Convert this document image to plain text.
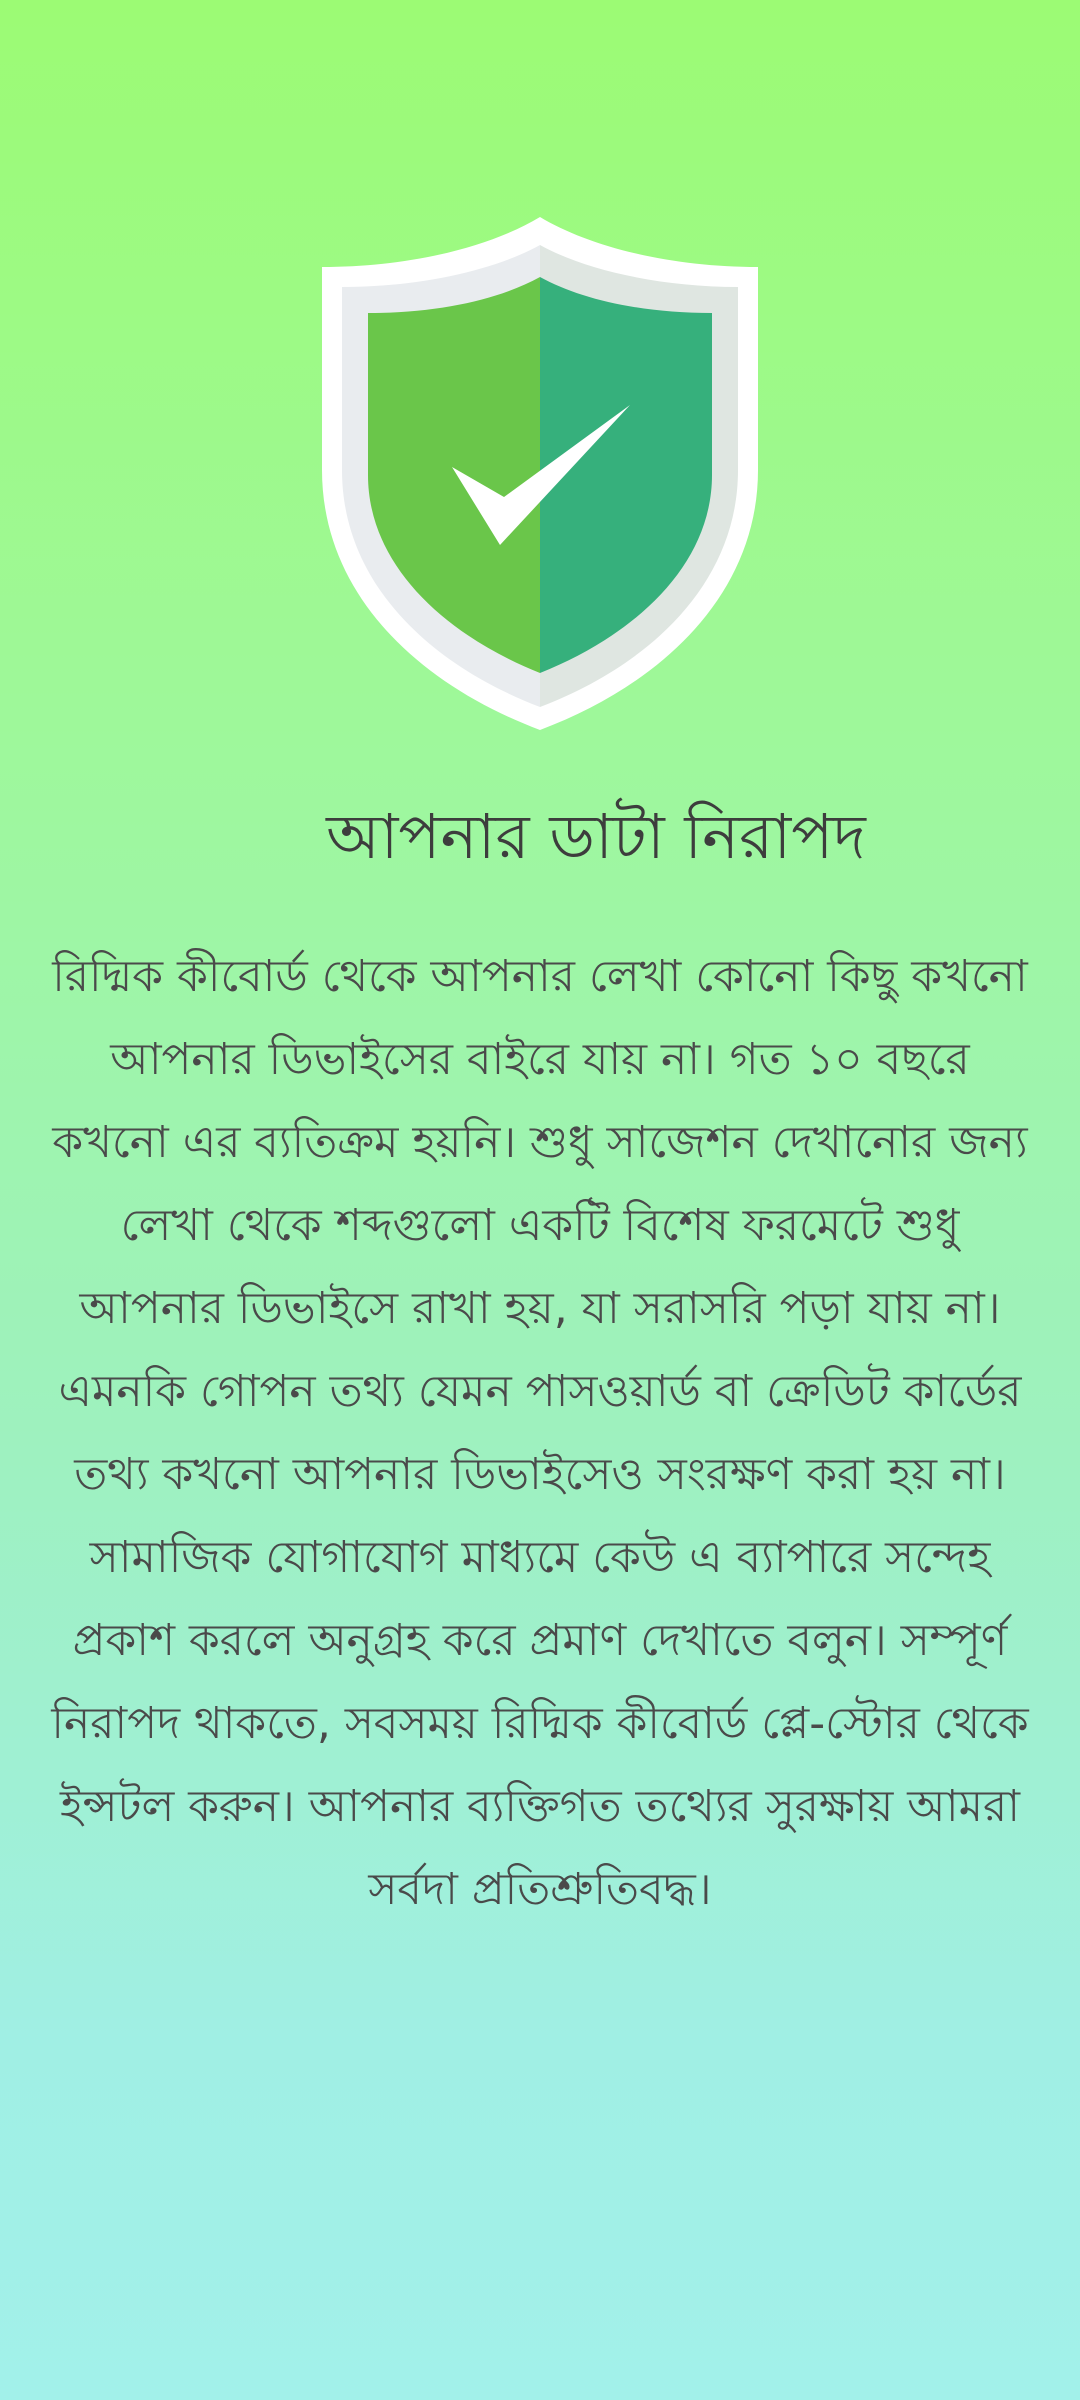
আপনার ডাটা নিরাপদ

রিদ্মিক কীবোর্ড থেকে আপনার লেখা কোনো কিছু কখনো আপনার ডিভাইসের বাইরে যায় না। গত ১০ বছরে কখনো এর ব্যতিক্রম হয়নি। শুধু সাজেশন দেখানোর জন্য লেখা থেকে শব্দগুলো একটি বিশেষ ফরমেটে শুধু আপনার ডিভাইসে রাখা হয়, যা সরাসরি পড়া যায় না। এমনকি গোপন তথ্য যেমন পাসওয়ার্ড বা ক্রেডিট কার্ডের তথ্য কখনো আপনার ডিভাইসেও সংরক্ষণ করা হয় না। সামাজিক যোগাযোগ মাধ্যমে কেউ এ ব্যাপারে সন্দেহ প্রকাশ করলে অনুগ্রহ করে প্রমাণ দেখাতে বলুন। সম্পূর্ণ নিরাপদ থাকতে, সবসময় রিদ্মিক কীবোর্ড প্লে-স্টোর থেকে ইন্সটল করুন। আপনার ব্যক্তিগত তথ্যের সুরক্ষায় আমরা সর্বদা প্রতিশ্রুতিবদ্ধ।
